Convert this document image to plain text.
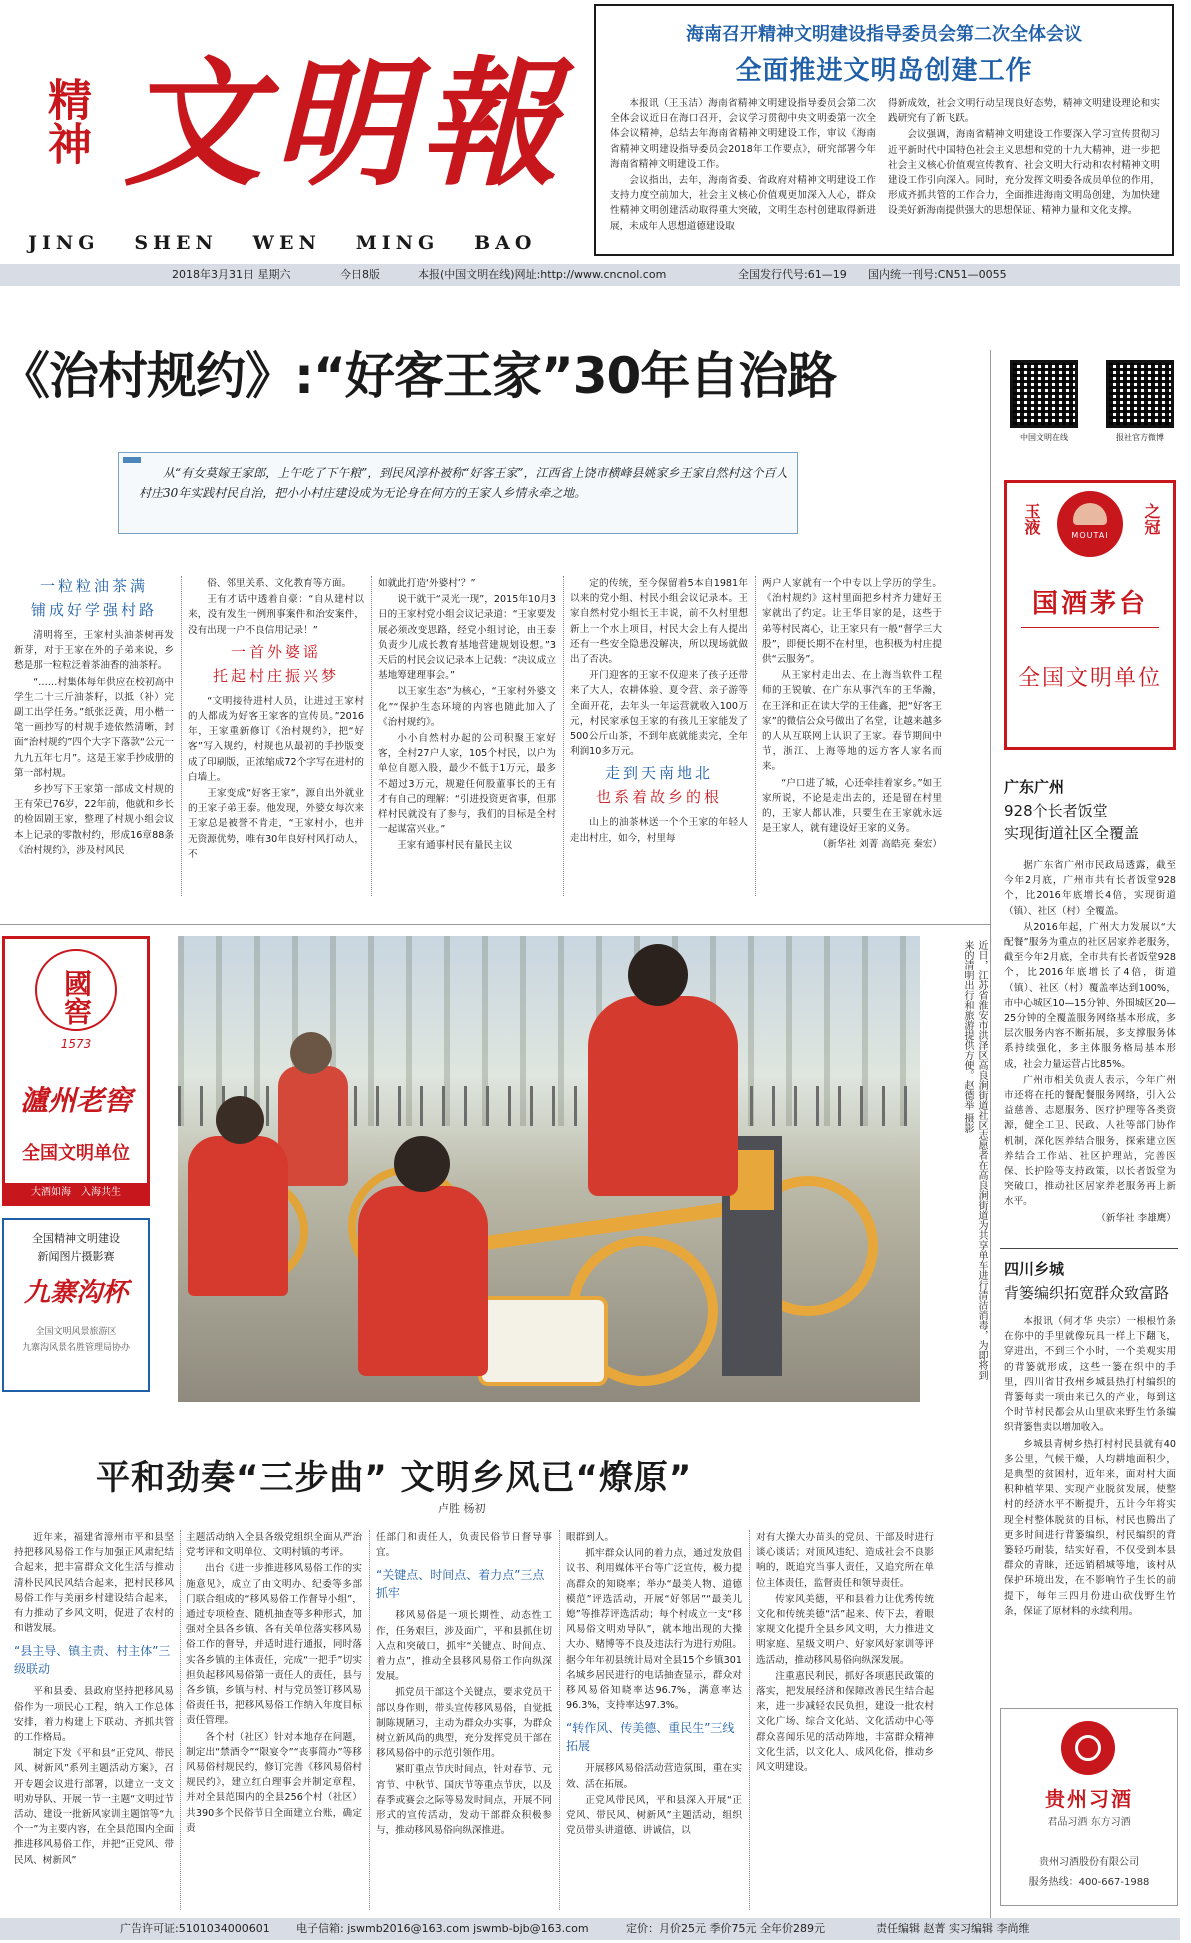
精神 文明報
JING   SHEN   WEN   MING   BAO
海南召开精神文明建设指导委员会第二次全体会议
全面推进文明岛创建工作

本报讯（王玉洁）海南省精神文明建设指导委员会第二次全体会议近日在海口召开，会议学习贯彻中央文明委第一次全体会议精神，总结去年海南省精神文明建设工作，审议《海南省精神文明建设指导委员会2018年工作要点》，研究部署今年海南省精神文明建设工作。

会议指出，去年，海南省委、省政府对精神文明建设工作支持力度空前加大，社会主义核心价值观更加深入人心，群众性精神文明创建活动取得重大突破，文明生态村创建取得新进展，未成年人思想道德建设取

得新成效，社会文明行动呈现良好态势，精神文明建设理论和实践研究有了新飞跃。

会议强调，海南省精神文明建设工作要深入学习宣传贯彻习近平新时代中国特色社会主义思想和党的十九大精神，进一步把社会主义核心价值观宣传教育、社会文明大行动和农村精神文明建设工作引向深入。同时，充分发挥文明委各成员单位的作用，形成齐抓共管的工作合力，全面推进海南文明岛创建，为加快建设美好新海南提供强大的思想保证、精神力量和文化支撑。

2018年3月31日 星期六	今日8版	本报(中国文明在线)网址:http://www.cncnol.com	全国发行代号:61—19 国内统一刊号:CN51—0055
《治村规约》:“好客王家”30年自治路
中国文明在线	报社官方微博
从“有女莫嫁王家郎，上午吃了下午粮”，到民风淳朴被称“好客王家”，江西省上饶市横峰县姚家乡王家自然村这个百人村庄30年实践村民自治，把小小村庄建设成为无论身在何方的王家人乡情永牵之地。
一粒粒油茶满
铺成好学强村路

清明将至，王家村头油茶树再发新芽，对于王家在外的子弟来说，乡愁是那一粒粒泛着茶油香的油茶籽。

“……村集体每年供应在校初高中学生二十三斤油茶籽，以抵（补）完副工出学任务。”纸张泛黄，用小楷一笔一画抄写的村规手迹依然清晰，封面“治村规约”四个大字下落款“公元一九九五年七月”。这是王家手抄成册的第一部村规。

乡抄写下王家第一部成文村规的王有荣已76岁，22年前，他就和乡长的检固剧王家，整理了村规小组会议本上记录的零散村约，形成16章88条《治村规约》，涉及村风民

俗、邻里关系、文化教育等方面。

王有才话中透着自豪：“自从建村以来，没有发生一例刑事案件和治安案件，没有出现一户不良信用记录！”

一首外婆谣
托起村庄振兴梦

“文明接待进村人员，让进过王家村的人都成为好客王家客的宣传员。”2016年，王家重新修订《治村规约》，把“好客”写入规约，村规也从最初的手抄版变成了印刷版，正浓缩成72个字写在进村的白墙上。

王家变成“好客王家”，源自出外就业的王家子弟王泰。他发现，外婆女每次来王家总是被誉不肯走，“王家村小，也并无资源优势，唯有30年良好村风打动人，不

如就此打造‘外婆村’？”

说干就干“灵光一现”，2015年10月3日的王家村党小组会议记录道：“王家要发展必须改变思路，经党小组讨论，由王泰负责少儿成长教育基地营建规划设想。”3天后的村民会议记录本上记载：“决议成立基地筹建理事会。”

以王家生态”为核心，“王家村外婆文化”“保护生态环境的内容也随此加入了《治村规约》。

小小自然村办起的公司积聚王家好客，全村27户人家，105个村民，以户为单位自愿入股，最少不低于1万元，最多不超过3万元，规避任何股董事长的王有才有自己的理解：“引进投资更省事，但那样村民就没有了参与，我们的目标是全村一起谋富兴业。”

王家有通事村民有量民主议

定的传统，至今保留着5本自1981年以来的党小组、村民小组会议记录本。王家自然村党小组长王丰说，前不久村里想新上一个水上项目，村民大会上有人提出还有一些安全隐患没解决，所以现场就做出了否决。

开门迎客的王家不仅迎来了孩子还带来了大人，农耕体验、夏令营、亲子游等全面开花，去年头一年运营就收入100万元，村民家承包王家的有孩儿王家能发了500公斤山茶，不到年底就能卖完，全年利润10多万元。

走到天南地北
也系着故乡的根

山上的油茶林送一个个王家的年轻人走出村庄，如今，村里每

两户人家就有一个中专以上学历的学生。《治村规约》这村里面把乡村齐力建好王家就出了约定。让王华目家的是，这些于弟等村民离心，让王家只有一般“督学三大股”，即便长期不在村里，也积极为村庄提供“云服务”。

从王家村走出去、在上海当软件工程师的王锐敏、在广东从事汽车的王华瀚，在王泽和正在读大学的王佳鑫，把“好客王家”的微信公众号做出了名堂，让越来越多的人从互联网上认识了王家。春节期间中节，浙江、上海等地的远方客人家名而来。

“户口进了城，心还牵挂着家乡。”如王家所说，不论是走出去的，还是留在村里的，王家人都认准，只要生在王家就永远是王家人，就有建设好王家的义务。

（新华社 刘菁 高皓亮 秦宏）

玉液	之冠
MOUTAI
国酒茅台
全国文明单位
广东广州
928个长者饭堂
实现街道社区全覆盖

据广东省广州市民政局透露，截至今年2月底，广州市共有长者饭堂928个，比2016年底增长4倍，实现街道（镇）、社区（村）全覆盖。

从2016年起，广州大力发展以“大配餐”服务为重点的社区居家养老服务，截至今年2月底，全市共有长者饭堂928个，比2016年底增长了4倍，街道（镇）、社区（村）覆盖率达到100%，市中心城区10—15分钟、外围城区20—25分钟的全覆盖服务网络基本形成，多层次服务内容不断拓展，多支撑服务体系持续强化，多主体服务格局基本形成，社会力量运营占比85%。

广州市相关负责人表示，今年广州市还将在托的餐配餐服务网络，引入公益慈善、志愿服务、医疗护理等各类资源，健全工卫、民政、人社等部门协作机制，深化医养结合服务，探索建立医养结合工作站、社区护理站，完善医保、长护险等支持政策，以长者饭堂为突破口，推动社区居家养老服务再上新水平。

（新华社 李雄鹰）

四川乡城
背篓编织拓宽群众致富路

本报讯（何才华 央宗）一根根竹条在你中的手里就像玩具一样上下翻飞，穿进出，不到三个小时，一个美观实用的背篓就形成，这些一篓在织中的手里，四川省甘孜州乡城县热打村编织的背篓每卖一项由来已久的产业，每到这个时节村民都会从山里砍来野生竹条编织背篓售卖以增加收入。

乡城县青树乡热打村村民县就有40多公里，气候干燥，人均耕地面积少，是典型的贫困村，近年来，面对村大面积种植苹果、实现产业脱贫发展，使整村的经济水平不断提升，五计今年将实现全村整体脱贫的目标，村民也腾出了更多时间进行背篓编织，村民编织的背篓轻巧耐装，结实好看，不仅受到本县群众的青睐，还远销稻城等地，该村从保护环境出发，在不影响竹子生长的前提下，每年三四月份进山砍伐野生竹条，保证了原材料的永续利用。

贵州习酒
君品习酒 东方习酒
贵州习酒股份有限公司
服务热线：400-667-1988
國窖
1573
瀘州老窖
全国文明单位
大酒如海　入海共生
全国精神文明建设
新闻图片摄影赛
九寨沟杯
全国文明风景旅游区
九寨沟风景名胜管理局协办	近日，江苏省淮安市洪泽区高良涧街道社区志愿者在高良涧街道为共享单车进行清洁消毒，为即将到来的清明出行和旅游提供方便。赵德举 摄影
平和劲奏“三步曲” 文明乡风已“燎原”
卢胜 杨初

近年来，福建省漳州市平和县坚持把移风易俗工作与加强正风肃纪结合起来，把丰富群众文化生活与推动清朴民风民风结合起来，把村民移风易俗工作与美丽乡村建设结合起来，有力推动了乡风文明，促进了农村的和谐发展。

“县主导、镇主责、村主体”三级联动

平和县委、县政府坚持把移风易俗作为一项民心工程，纳入工作总体安排，着力构建上下联动、齐抓共管的工作格局。

制定下发《平和县“正党风、带民风、树新风”系列主题活动方案》，召开专题会议进行部署，以建立一支文明劝导队、开展一节一主题“文明过节活动、建设一批新风家训主题馆等“九个一”为主要内容，在全县范围内全面推进移风易俗工作，并把“正党风、带民风、树新风”

主题活动纳入全县各级党组织全面从严治党考评和文明单位、文明村镇的考评。

出台《进一步推进移风易俗工作的实施意见》，成立了由文明办、纪委等多部门联合组成的“移风易俗工作督导小组”，通过专项检查、随机抽查等多种形式，加强对全县各乡镇、各有关单位落实移风易俗工作的督导，并适时进行通报，同时落实各乡镇的主体责任，完成“一把手”切实担负起移风易俗第一责任人的责任，县与各乡镇，乡镇与村、村与党员签订移风易俗责任书，把移风易俗工作纳入年度目标责任管理。

各个村（社区）针对本地存在问题，制定出“禁酒令”“限宴令”“丧事简办”等移风易俗村规民约，修订完善《移风易俗村规民约》，建立红白理事会并制定章程，并对全县范围内的全县256个村（社区）共390多个民俗节日全面建立台账，确定责

任部门和责任人，负责民俗节日督导事宜。

“关键点、时间点、着力点”三点抓牢

移风易俗是一项长期性、动态性工作，任务艰巨，涉及面广，平和县抓住切入点和突破口，抓牢“关键点、时间点、着力点”，推动全县移风易俗工作向纵深发展。

抓党员干部这个关键点，要求党员干部以身作则，带头宣传移风易俗，自觉抵制陈规陋习，主动为群众办实事，为群众树立新风尚的典型，充分发挥党员干部在移风易俗中的示范引领作用。

紧盯重点节庆时间点，针对春节、元宵节、中秋节、国庆节等重点节庆，以及春季或赛会之际等易发时间点，开展不同形式的宣传活动，发动干部群众积极参与，推动移风易俗向纵深推进。

眼群到人。

抓牢群众认同的着力点，通过发放倡议书、利用媒体平台等广泛宣传，极力提高群众的知晓率；举办“最美人物、道德模范”评选活动，开展“好邻居”“最美儿媳”等推荐评选活动；每个村成立一支“移风易俗文明劝导队”，就本地出现的大操大办、赌博等不良及违法行为进行劝阻。据今年年初县统计局对全县15个乡镇301名城乡居民进行的电话抽查显示，群众对移风易俗知晓率达96.7%，满意率达96.3%，支持率达97.3%。

“转作风、传美德、重民生”三线拓展

开展移风易俗活动营造氛围，重在实效、活在拓展。

正党风带民风，平和县深入开展“正党风、带民风、树新风”主题活动，组织党员带头讲道德、讲诚信，以

对有大操大办苗头的党员、干部及时进行谈心谈话；对顶风违纪、造成社会不良影响的，既追究当事人责任，又追究所在单位主体责任，监督责任和领导责任。

传家风美德，平和县着力让优秀传统文化和传统美德“活”起来、传下去，着眼家规文化提升全县乡风文明，大力推进文明家庭、星级文明户、好家风好家训等评选活动，推动移风易俗向纵深发展。

注重惠民利民，抓好各项惠民政策的落实，把发展经济和保障改善民生结合起来，进一步减轻农民负担，建设一批农村文化广场、综合文化站、文化活动中心等群众喜闻乐见的活动阵地，丰富群众精神文化生活，以文化人、成风化俗，推动乡风文明建设。

广告许可证:5101034000601 电子信箱: jswmb2016@163.com jswmb-bjb@163.com	定价：月价25元 季价75元 全年价289元	责任编辑 赵菁 实习编辑 李尚维
